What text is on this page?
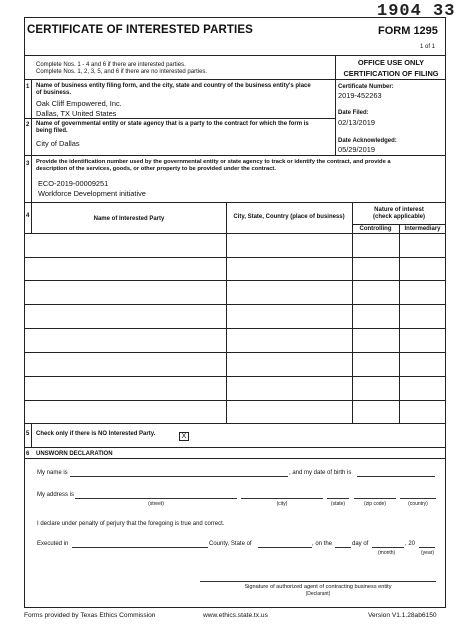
CERTIFICATE OF INTERESTED PARTIES
1904 33
FORM 1295
1 of 1
Complete Nos. 1 - 4 and 6 if there are interested parties.
Complete Nos. 1, 2, 3, 5, and 6 if there are no interested parties.
OFFICE USE ONLY
CERTIFICATION OF FILING
Certificate Number:
2019-452263
Date Filed:
02/13/2019
Date Acknowledged:
05/29/2019
1 Name of business entity filing form, and the city, state and country of the business entity's place
of business.
Oak Cliff Empowered, Inc.
Dallas, TX United States
2 Name of governmental entity or state agency that is a party to the contract for which the form is
being filed.
City of Dallas
3 Provide the identification number used by the governmental entity or state agency to track or identify the contract, and provide a
description of the services, goods, or other property to be provided under the contract.
ECO-2019-00009251
Workforce Development initiative
4	Name of Interested Party	City, State, Country (place of business)
Nature of interest
(check applicable)
Controlling	Intermediary
5 Check only if there is NO Interested Party.	X
6 UNSWORN DECLARATION
My name is	, and my date of birth is
My address is
(street)	(city)	(state)	(zip code)	(country)
I declare under penalty of perjury that the foregoing is true and correct.
Executed in	County, State of	, on the	day of	, 20
(month)	(year)
Signature of authorized agent of contracting business entity
(Declarant)
Forms provided by Texas Ethics Commission	www.ethics.state.tx.us	Version V1.1.28ab6150
